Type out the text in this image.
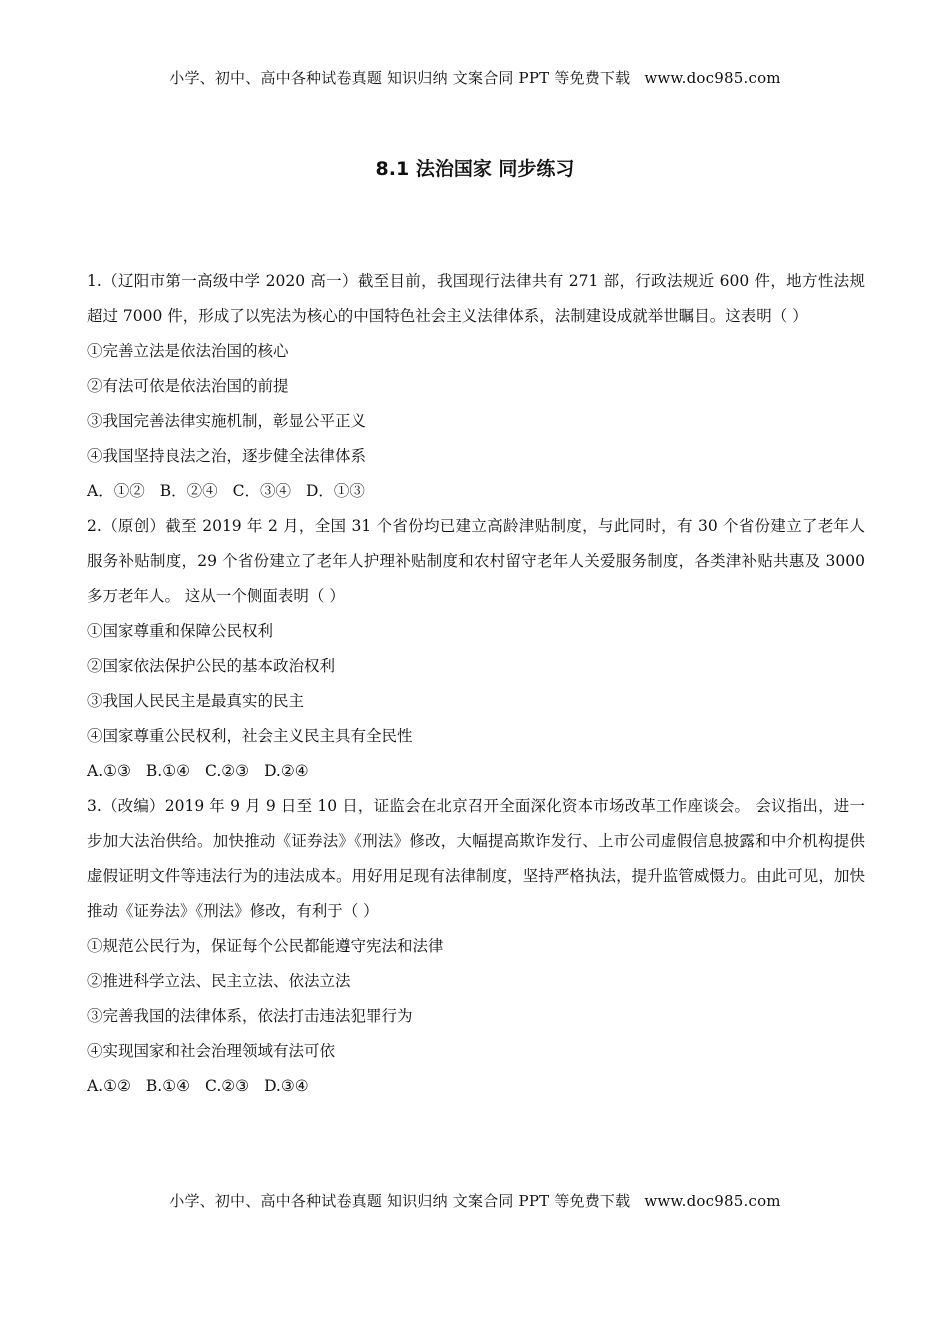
小学、初中、高中各种试卷真题 知识归纳 文案合同 PPT 等免费下载 www.doc985.com
8.1 法治国家 同步练习
1.（辽阳市第一高级中学 2020 高一）截至目前，我国现行法律共有 271 部，行政法规近 600 件，地方性法规超过 7000 件，形成了以宪法为核心的中国特色社会主义法律体系，法制建设成就举世瞩目。这表明（ ）
①完善立法是依法治国的核心
②有法可依是依法治国的前提
③我国完善法律实施机制，彰显公平正义
④我国坚持良法之治，逐步健全法律体系
A．①② B．②④ C．③④ D．①③
2.（原创）截至 2019 年 2 月，全国 31 个省份均已建立高龄津贴制度，与此同时，有 30 个省份建立了老年人服务补贴制度，29 个省份建立了老年人护理补贴制度和农村留守老年人关爱服务制度，各类津补贴共惠及 3000 多万老年人。 这从一个侧面表明（ ）
①国家尊重和保障公民权利
②国家依法保护公民的基本政治权利
③我国人民民主是最真实的民主
④国家尊重公民权利，社会主义民主具有全民性
A.①③ B.①④ C.②③ D.②④
3.（改编）2019 年 9 月 9 日至 10 日，证监会在北京召开全面深化资本市场改革工作座谈会。 会议指出，进一步加大法治供给。加快推动《证券法》《刑法》修改，大幅提高欺诈发行、上市公司虚假信息披露和中介机构提供虚假证明文件等违法行为的违法成本。用好用足现有法律制度，坚持严格执法，提升监管威慑力。由此可见，加快推动《证券法》《刑法》修改，有利于（ ）
①规范公民行为，保证每个公民都能遵守宪法和法律
②推进科学立法、民主立法、依法立法
③完善我国的法律体系，依法打击违法犯罪行为
④实现国家和社会治理领域有法可依
A.①② B.①④ C.②③ D.③④
小学、初中、高中各种试卷真题 知识归纳 文案合同 PPT 等免费下载 www.doc985.com
